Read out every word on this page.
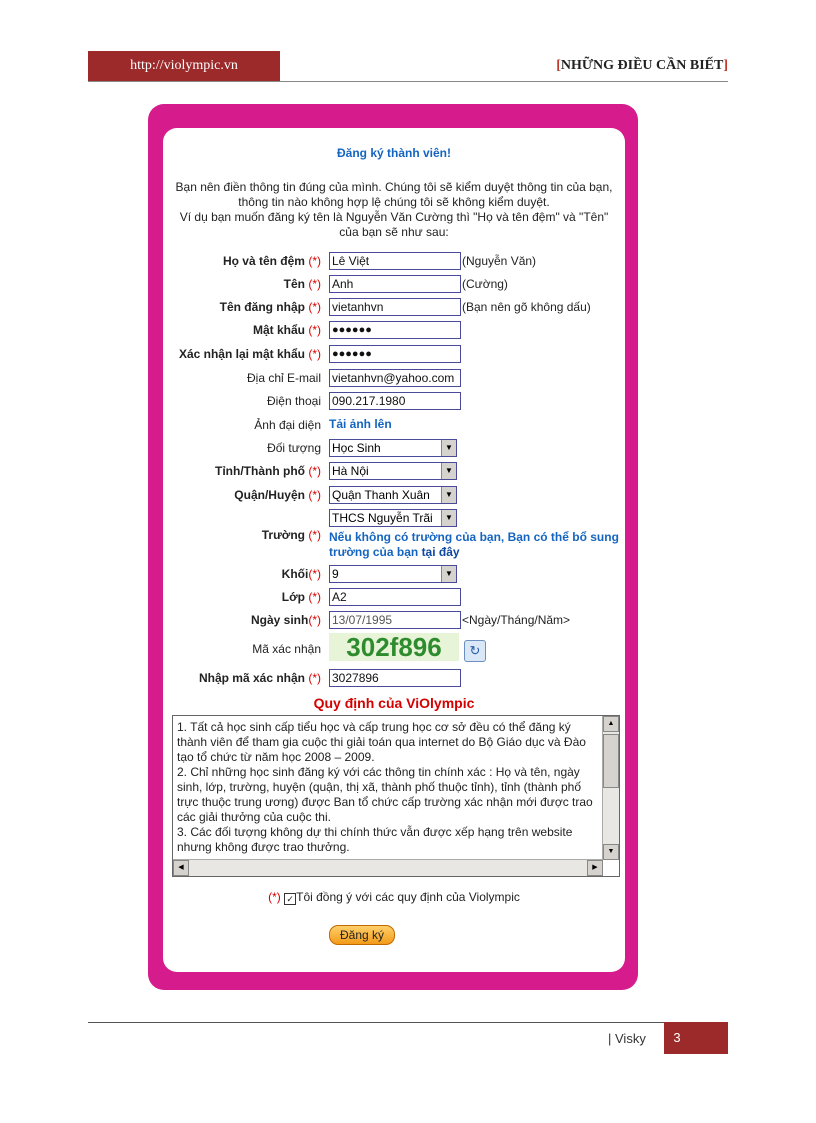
http://violympic.vn	[NHỮNG ĐIỀU CẦN BIẾT]
Đăng ký thành viên!
Bạn nên điền thông tin đúng của mình. Chúng tôi sẽ kiểm duyệt thông tin của bạn,
thông tin nào không hợp lệ chúng tôi sẽ không kiểm duyệt.
Ví dụ bạn muốn đăng ký tên là Nguyễn Văn Cường thì "Họ và tên đệm" và "Tên"
của bạn sẽ như sau:
Họ và tên đệm (*) Lê Việt	(Nguyễn Văn)
Tên (*) Anh	(Cường)
Tên đăng nhập (*) vietanhvn	(Bạn nên gõ không dấu)
Mật khẩu (*) ●●●●●●
Xác nhận lại mật khẩu (*) ●●●●●●
Địa chỉ E-mail vietanhvn@yahoo.com
Điện thoại 090.217.1980
Ảnh đại diện Tải ảnh lên
Đối tượng Học Sinh	▼
Tỉnh/Thành phố (*) Hà Nội	▼
Quận/Huyện (*) Quận Thanh Xuân	▼
THCS Nguyễn Trãi	▼
Trường (*) Nếu không có trường của bạn, Bạn có thể bổ sung
trường của bạn tại đây
Khối(*) 9	▼
Lớp (*) A2
Ngày sinh(*) 13/07/1995	<Ngày/Tháng/Năm>
Mã xác nhận 302f896	↻
Nhập mã xác nhận (*) 3027896
Quy định của ViOlympic
1. Tất cả học sinh cấp tiểu học và cấp trung học cơ sở đều có thể đăng ký thành viên để tham gia cuộc thi giải toán qua internet do Bộ Giáo dục và Đào tạo tổ chức từ năm học 2008 – 2009.
2. Chỉ những học sinh đăng ký với các thông tin chính xác : Họ và tên, ngày sinh, lớp, trường, huyện (quận, thị xã, thành phố thuộc tỉnh), tỉnh (thành phố trực thuộc trung ương) được Ban tổ chức cấp trường xác nhận mới được trao các giải thưởng của cuộc thi.
3. Các đối tượng không dự thi chính thức vẫn được xếp hạng trên website nhưng không được trao thưởng.
▲
▼
◀	▶
(*) ✓ Tôi đồng ý với các quy định của Violympic
Đăng ký
| Visky	3
